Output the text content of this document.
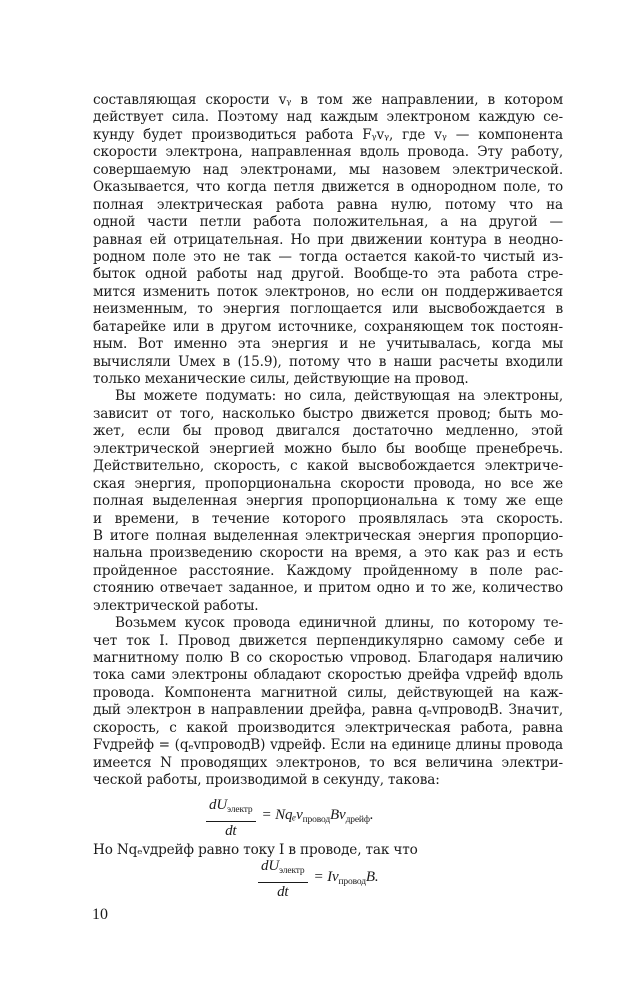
составляющая скорости vᵧ в том же направлении, в котором
действует сила. Поэтому над каждым электроном каждую се-
кунду будет производиться работа Fᵧvᵧ, где vᵧ — компонента
скорости электрона, направленная вдоль провода. Эту работу,
совершаемую над электронами, мы назовем электрической.
Оказывается, что когда петля движется в однородном поле, то
полная электрическая работа равна нулю, потому что на
одной части петли работа положительная, а на другой —
равная ей отрицательная. Но при движении контура в неодно-
родном поле это не так — тогда остается какой-то чистый из-
быток одной работы над другой. Вообще-то эта работа стре-
мится изменить поток электронов, но если он поддерживается
неизменным, то энергия поглощается или высвобождается в
батарейке или в другом источнике, сохраняющем ток постоян-
ным. Вот именно эта энергия и не учитывалась, когда мы
вычисляли Uмех в (15.9), потому что в наши расчеты входили
только механические силы, действующие на провод.
Вы можете подумать: но сила, действующая на электроны,
зависит от того, насколько быстро движется провод; быть мо-
жет, если бы провод двигался достаточно медленно, этой
электрической энергией можно было бы вообще пренебречь.
Действительно, скорость, с какой высвобождается электриче-
ская энергия, пропорциональна скорости провода, но все же
полная выделенная энергия пропорциональна к тому же еще
и времени, в течение которого проявлялась эта скорость.
В итоге полная выделенная электрическая энергия пропорцио-
нальна произведению скорости на время, а это как раз и есть
пройденное расстояние. Каждому пройденному в поле рас-
стоянию отвечает заданное, и притом одно и то же, количество
электрической работы.
Возьмем кусок провода единичной длины, по которому те-
чет ток I. Провод движется перпендикулярно самому себе и
магнитному полю B со скоростью vпровод. Благодаря наличию
тока сами электроны обладают скоростью дрейфа vдрейф вдоль
провода. Компонента магнитной силы, действующей на каж-
дый электрон в направлении дрейфа, равна qₑvпроводB. Значит,
скорость, с какой производится электрическая работа, равна
Fvдрейф = (qₑvпроводB) vдрейф. Если на единице длины провода
имеется N проводящих электронов, то вся величина электри-
ческой работы, производимой в секунду, такова:
$\frac{dU_{электр}}{dt} = Nq_ev_{провод}Bv_{дрейф}$.
Но Nqₑvдрейф равно току I в проводе, так что
$\frac{dU_{электр}}{dt} = Iv_{провод}B$.
10
